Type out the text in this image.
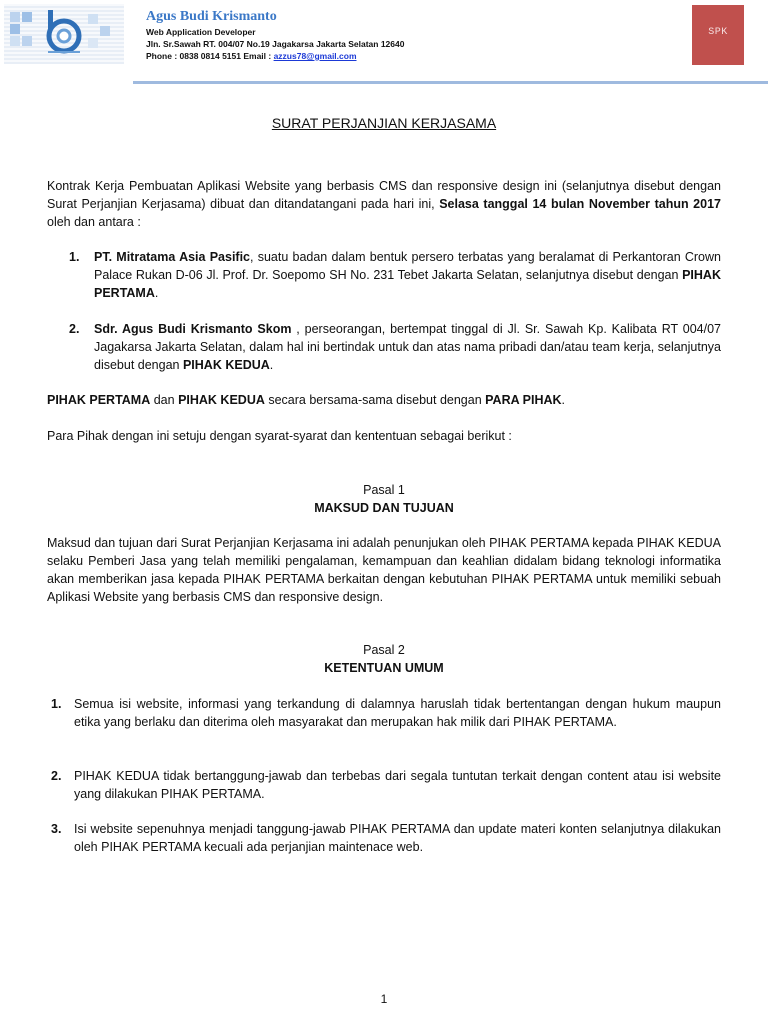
Agus Budi Krismanto
Web Application Developer
Jln. Sr.Sawah RT. 004/07 No.19 Jagakarsa Jakarta Selatan 12640
Phone : 0838 0814 5151 Email : azzus78@gmail.com
SPK
SURAT PERJANJIAN KERJASAMA
Kontrak Kerja Pembuatan Aplikasi Website yang berbasis CMS dan responsive design ini (selanjutnya disebut dengan Surat Perjanjian Kerjasama) dibuat dan ditandatangani pada hari ini, Selasa tanggal 14 bulan November tahun 2017 oleh dan antara :
1. PT. Mitratama Asia Pasific, suatu badan dalam bentuk persero terbatas yang beralamat di Perkantoran Crown Palace Rukan D-06 Jl. Prof. Dr. Soepomo SH No. 231 Tebet Jakarta Selatan, selanjutnya disebut dengan PIHAK PERTAMA.
2. Sdr. Agus Budi Krismanto Skom , perseorangan, bertempat tinggal di Jl. Sr. Sawah Kp. Kalibata RT 004/07 Jagakarsa Jakarta Selatan, dalam hal ini bertindak untuk dan atas nama pribadi dan/atau team kerja, selanjutnya disebut dengan PIHAK KEDUA.
PIHAK PERTAMA dan PIHAK KEDUA secara bersama-sama disebut dengan PARA PIHAK.
Para Pihak dengan ini setuju dengan syarat-syarat dan kententuan sebagai berikut :
Pasal 1
MAKSUD DAN TUJUAN
Maksud dan tujuan dari Surat Perjanjian Kerjasama ini adalah penunjukan oleh PIHAK PERTAMA kepada PIHAK KEDUA selaku Pemberi Jasa yang telah memiliki pengalaman, kemampuan dan keahlian didalam bidang teknologi informatika akan memberikan jasa kepada PIHAK PERTAMA berkaitan dengan kebutuhan PIHAK PERTAMA untuk memiliki sebuah Aplikasi Website yang berbasis CMS dan responsive design.
Pasal 2
KETENTUAN UMUM
1. Semua isi website, informasi yang terkandung di dalamnya haruslah tidak bertentangan dengan hukum maupun etika yang berlaku dan diterima oleh masyarakat dan merupakan hak milik dari PIHAK PERTAMA.
2. PIHAK KEDUA tidak bertanggung-jawab dan terbebas dari segala tuntutan terkait dengan content atau isi website yang dilakukan PIHAK PERTAMA.
3. Isi website sepenuhnya menjadi tanggung-jawab PIHAK PERTAMA dan update materi konten selanjutnya dilakukan oleh PIHAK PERTAMA kecuali ada perjanjian maintenace web.
1
